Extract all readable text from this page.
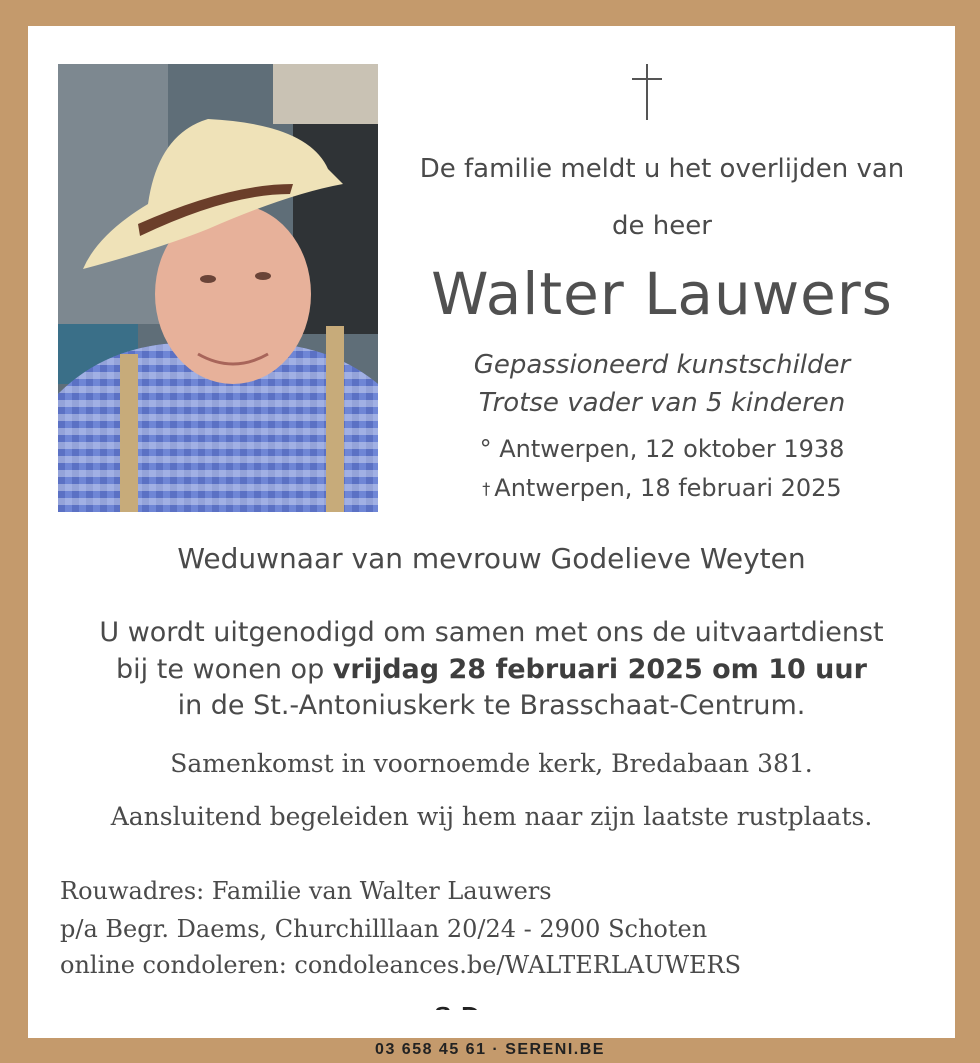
De familie meldt u het overlijden van
de heer
Walter Lauwers
Gepassioneerd kunstschilder
Trotse vader van 5 kinderen
° Antwerpen, 12 oktober 1938
† Antwerpen, 18 februari 2025
Weduwnaar van mevrouw Godelieve Weyten
U wordt uitgenodigd om samen met ons de uitvaartdienst
bij te wonen op vrijdag 28 februari 2025 om 10 uur
in de St.-Antoniuskerk te Brasschaat-Centrum.
Samenkomst in voornoemde kerk, Bredabaan 381.
Aansluitend begeleiden wij hem naar zijn laatste rustplaats.
Rouwadres: Familie van Walter Lauwers
p/a Begr. Daems, Churchilllaan 20/24 - 2900 Schoten
online condoleren: condoleances.be/WALTERLAUWERS
03 658 45 61 · SERENI.BE
